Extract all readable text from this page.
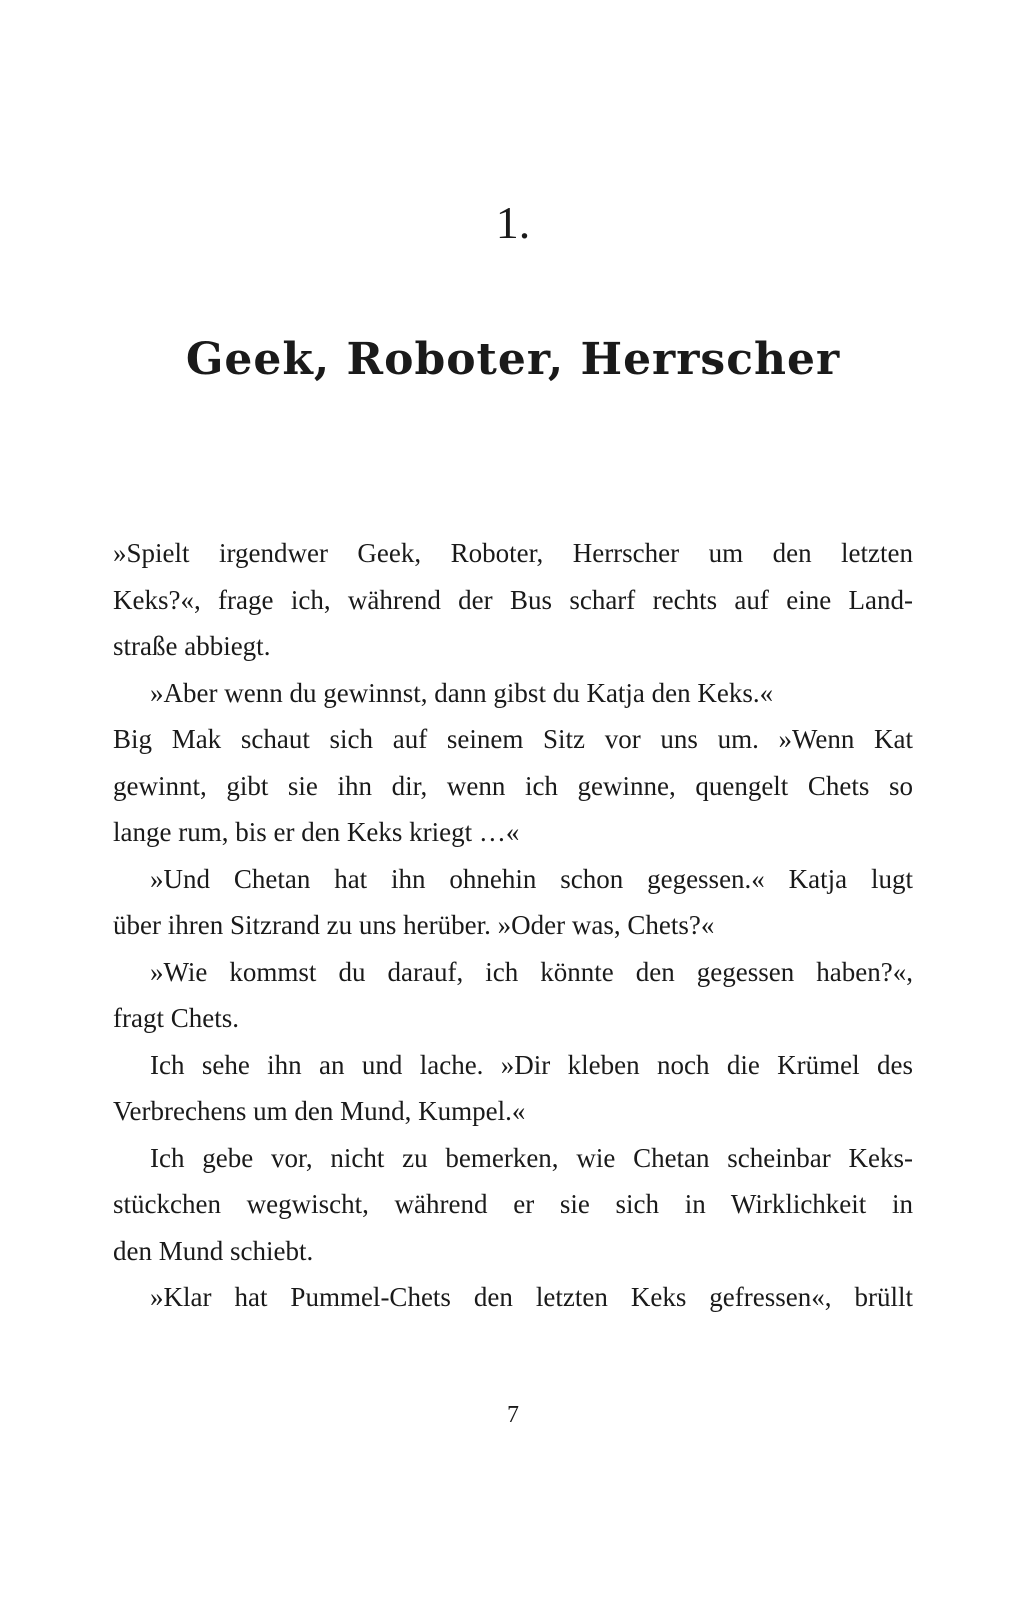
1.
Geek, Roboter, Herrscher
»Spielt irgendwer Geek, Roboter, Herrscher um den letzten
Keks?«, frage ich, während der Bus scharf rechts auf eine Land-
straße abbiegt.
»Aber wenn du gewinnst, dann gibst du Katja den Keks.«
Big Mak schaut sich auf seinem Sitz vor uns um. »Wenn Kat
gewinnt, gibt sie ihn dir, wenn ich gewinne, quengelt Chets so
lange rum, bis er den Keks kriegt …«
»Und Chetan hat ihn ohnehin schon gegessen.« Katja lugt
über ihren Sitzrand zu uns herüber. »Oder was, Chets?«
»Wie kommst du darauf, ich könnte den gegessen haben?«,
fragt Chets.
Ich sehe ihn an und lache. »Dir kleben noch die Krümel des
Verbrechens um den Mund, Kumpel.«
Ich gebe vor, nicht zu bemerken, wie Chetan scheinbar Keks-
stückchen wegwischt, während er sie sich in Wirklichkeit in
den Mund schiebt.
»Klar hat Pummel-Chets den letzten Keks gefressen«, brüllt
7
